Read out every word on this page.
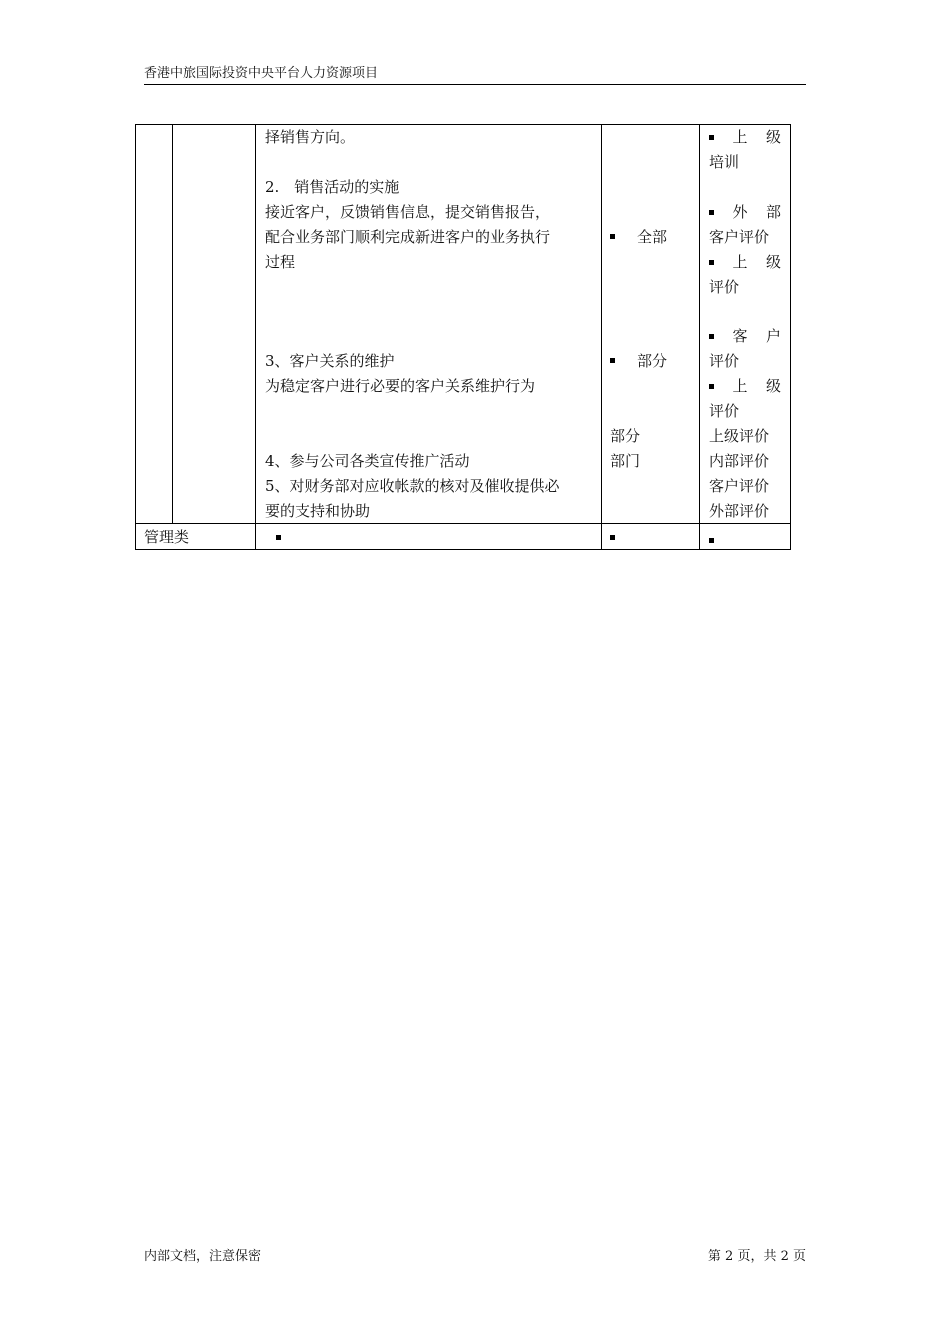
香港中旅国际投资中央平台人力资源项目
择销售方向。
2.　销售活动的实施
接近客户，反馈销售信息，提交销售报告，
配合业务部门顺利完成新进客户的业务执行
过程
3、客户关系的维护
为稳定客户进行必要的客户关系维护行为
4、参与公司各类宣传推广活动
5、对财务部对应收帐款的核对及催收提供必
要的支持和协助
全部
部分
部分
部门
上 级
培训
外 部
客户评价
上 级
评价
客 户
评价
上 级
评价
上级评价
内部评价
客户评价
外部评价
管理类
内部文档，注意保密	第 2 页，共 2 页
